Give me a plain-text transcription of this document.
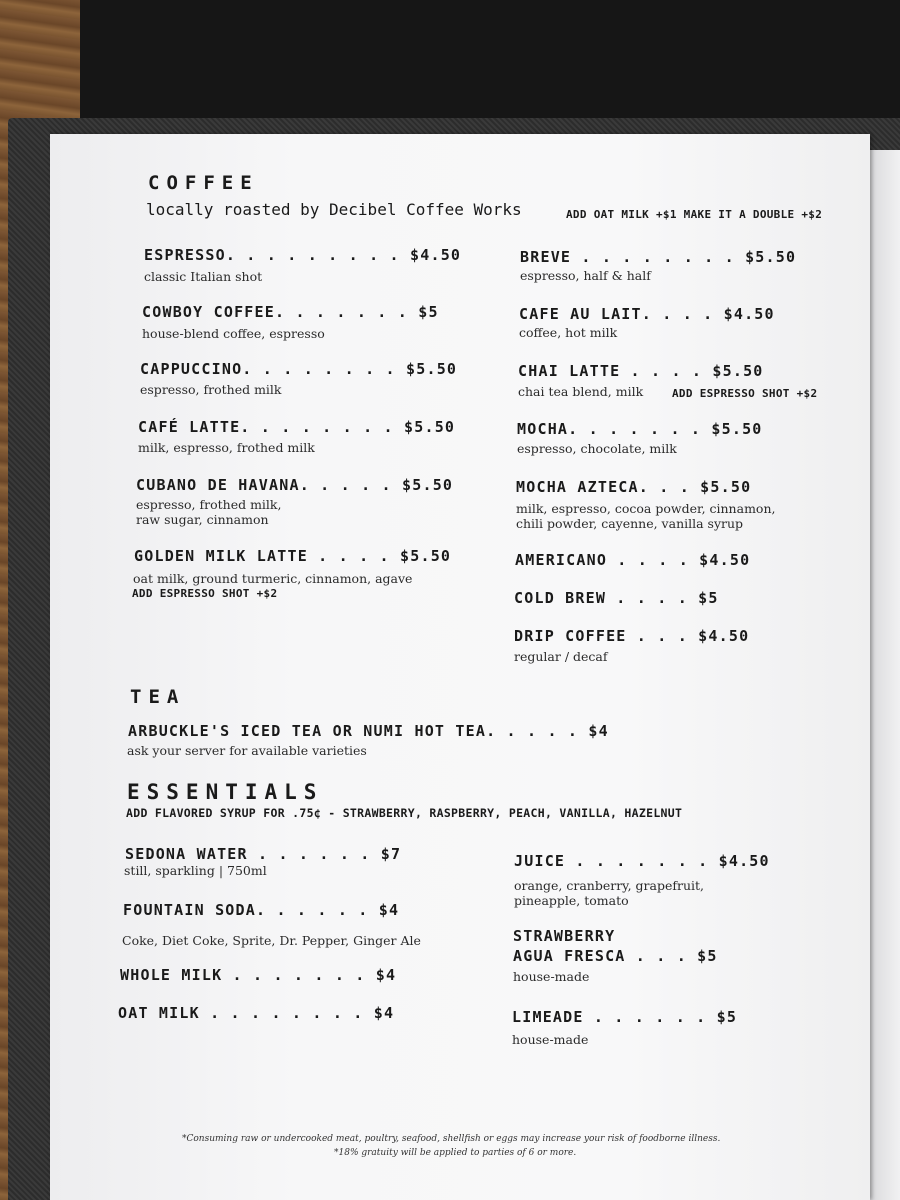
COFFEE
locally roasted by Decibel Coffee Works	ADD OAT MILK +$1 MAKE IT A DOUBLE +$2
ESPRESSO. . . . . . . . . $4.50
classic Italian shot
COWBOY COFFEE. . . . . . . $5
house-blend coffee, espresso
CAPPUCCINO. . . . . . . . $5.50
espresso, frothed milk
CAFÉ LATTE. . . . . . . . $5.50
milk, espresso, frothed milk
CUBANO DE HAVANA. . . . . $5.50
espresso, frothed milk,
raw sugar, cinnamon
GOLDEN MILK LATTE . . . . $5.50
oat milk, ground turmeric, cinnamon, agave
ADD ESPRESSO SHOT +$2
BREVE . . . . . . . . $5.50
espresso, half & half
CAFE AU LAIT. . . . $4.50
coffee, hot milk
CHAI LATTE . . . . $5.50
chai tea blend, milk	ADD ESPRESSO SHOT +$2
MOCHA. . . . . . . $5.50
espresso, chocolate, milk
MOCHA AZTECA. . . $5.50
milk, espresso, cocoa powder, cinnamon,
chili powder, cayenne, vanilla syrup
AMERICANO . . . . $4.50
COLD BREW . . . . $5
DRIP COFFEE . . . $4.50
regular / decaf
TEA
ARBUCKLE'S ICED TEA OR NUMI HOT TEA. . . . . $4
ask your server for available varieties
ESSENTIALS
ADD FLAVORED SYRUP FOR .75¢ - STRAWBERRY, RASPBERRY, PEACH, VANILLA, HAZELNUT
SEDONA WATER . . . . . . $7
still, sparkling | 750ml
FOUNTAIN SODA. . . . . . $4
Coke, Diet Coke, Sprite, Dr. Pepper, Ginger Ale
WHOLE MILK . . . . . . . $4
OAT MILK . . . . . . . . $4
JUICE . . . . . . . $4.50
orange, cranberry, grapefruit,
pineapple, tomato
STRAWBERRY
AGUA FRESCA . . . $5
house-made
LIMEADE . . . . . . $5
house-made
*Consuming raw or undercooked meat, poultry, seafood, shellfish or eggs may increase your risk of foodborne illness.
*18% gratuity will be applied to parties of 6 or more.
